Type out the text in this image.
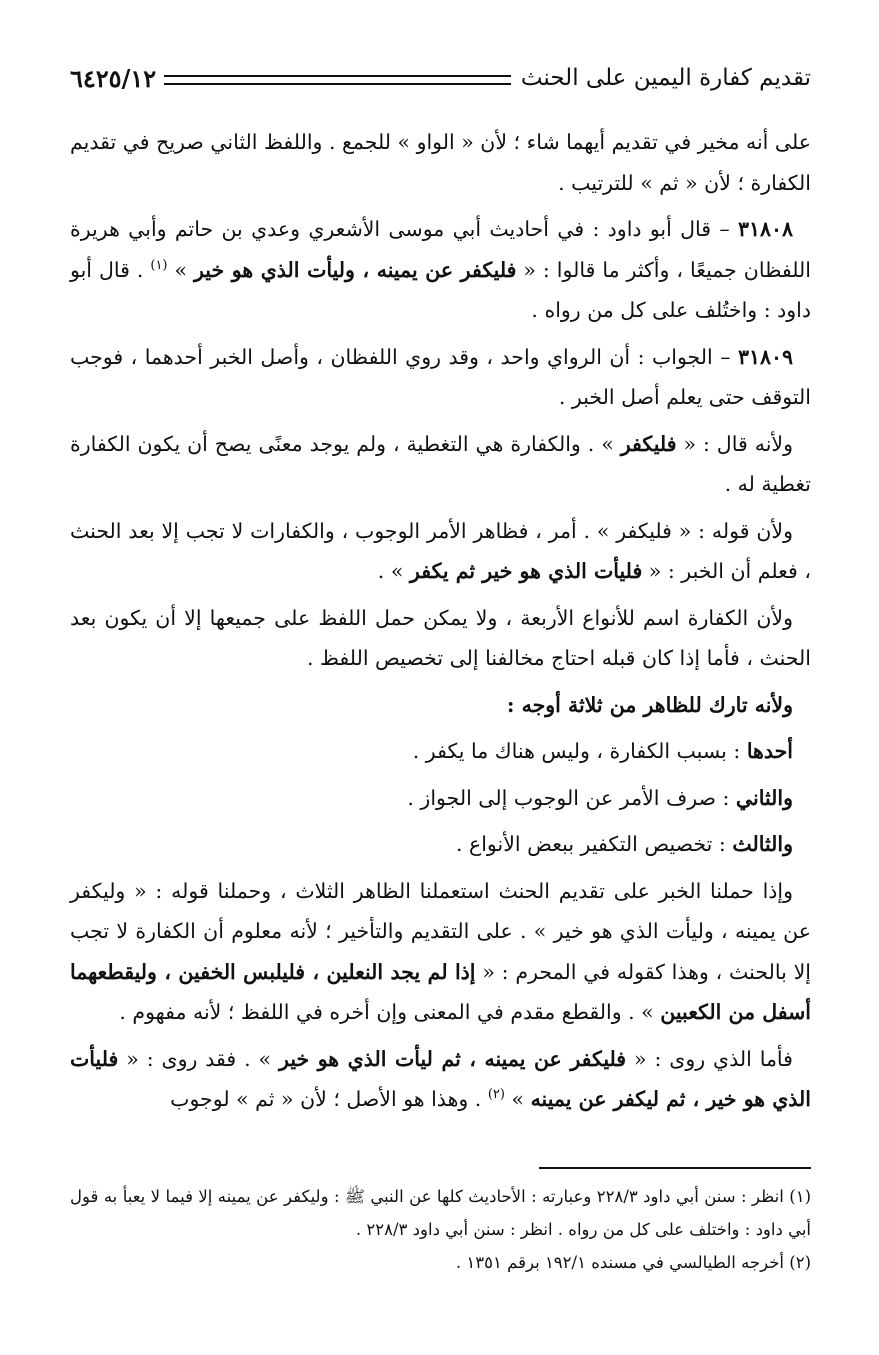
تقديم كفارة اليمين على الحنث
٦٤٢٥/١٢

على أنه مخير في تقديم أيهما شاء ؛ لأن « الواو » للجمع . واللفظ الثاني صريح في تقديم الكفارة ؛ لأن « ثم » للترتيب .

٣١٨٠٨ – قال أبو داود : في أحاديث أبي موسى الأشعري وعدي بن حاتم وأبي هريرة اللفظان جميعًا ، وأكثر ما قالوا : « فليكفر عن يمينه ، وليأت الذي هو خير » $^{(١)}$ . قال أبو داود : واختُلف على كل من رواه .

٣١٨٠٩ – الجواب : أن الرواي واحد ، وقد روي اللفظان ، وأصل الخبر أحدهما ، فوجب التوقف حتى يعلم أصل الخبر .

ولأنه قال : « فليكفر » . والكفارة هي التغطية ، ولم يوجد معنًى يصح أن يكون الكفارة تغطية له .

ولأن قوله : « فليكفر » . أمر ، فظاهر الأمر الوجوب ، والكفارات لا تجب إلا بعد الحنث ، فعلم أن الخبر : « فليأت الذي هو خير ثم يكفر » .

ولأن الكفارة اسم للأنواع الأربعة ، ولا يمكن حمل اللفظ على جميعها إلا أن يكون بعد الحنث ، فأما إذا كان قبله احتاج مخالفنا إلى تخصيص اللفظ .

ولأنه تارك للظاهر من ثلاثة أوجه :

أحدها : بسبب الكفارة ، وليس هناك ما يكفر .

والثاني : صرف الأمر عن الوجوب إلى الجواز .

والثالث : تخصيص التكفير ببعض الأنواع .

وإذا حملنا الخبر على تقديم الحنث استعملنا الظاهر الثلاث ، وحملنا قوله : « وليكفر عن يمينه ، وليأت الذي هو خير » . على التقديم والتأخير ؛ لأنه معلوم أن الكفارة لا تجب إلا بالحنث ، وهذا كقوله في المحرم : « إذا لم يجد النعلين ، فليلبس الخفين ، وليقطعهما أسفل من الكعبين » . والقطع مقدم في المعنى وإن أخره في اللفظ ؛ لأنه مفهوم .

فأما الذي روى : « فليكفر عن يمينه ، ثم ليأت الذي هو خير » . فقد روى : « فليأت الذي هو خير ، ثم ليكفر عن يمينه » $^{(٢)}$ . وهذا هو الأصل ؛ لأن « ثم » لوجوب

(١) انظر : سنن أبي داود ٢٢٨/٣ وعبارته : الأحاديث كلها عن النبي ﷺ : وليكفر عن يمينه إلا فيما لا يعبأ به قول أبي داود : واختلف على كل من رواه . انظر : سنن أبي داود ٢٢٨/٣ .

(٢) أخرجه الطيالسي في مسنده ١٩٢/١ برقم ١٣٥١ .
